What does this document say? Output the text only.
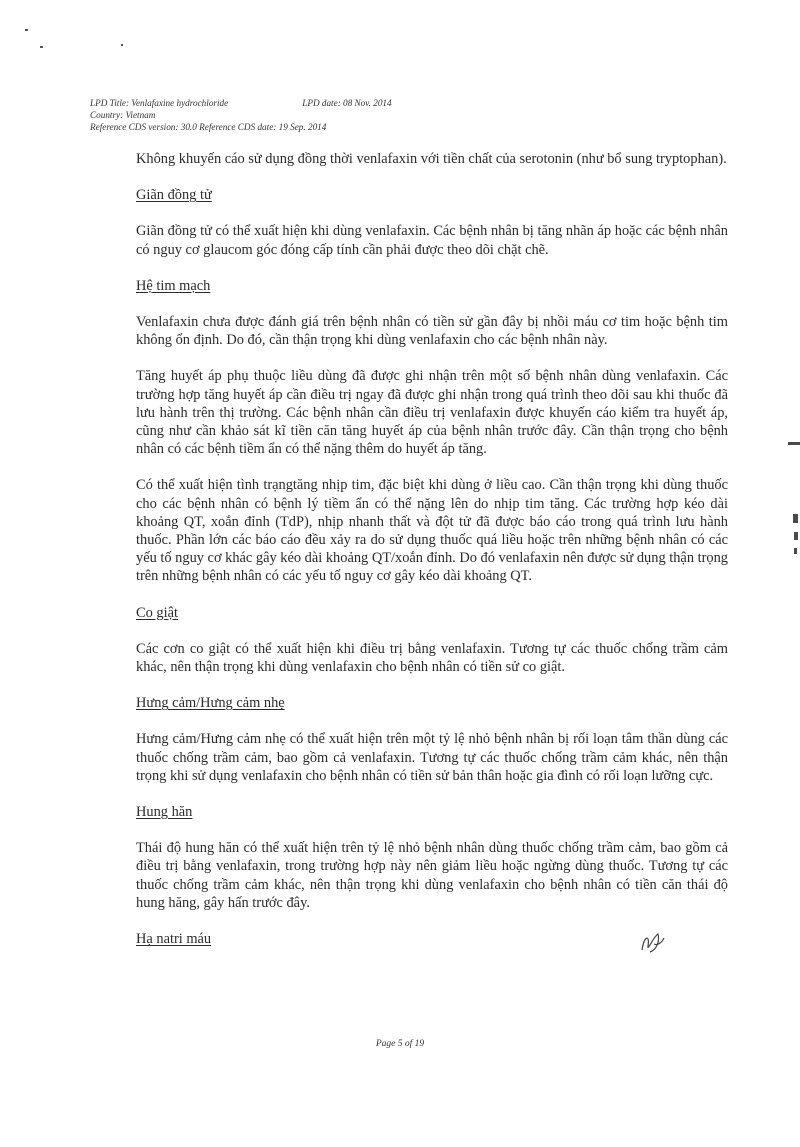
LPD Title: Venlafaxine hydrochloride	LPD date: 08 Nov. 2014
Country: Vietnam
Reference CDS version: 30.0 Reference CDS date: 19 Sep. 2014

Không khuyến cáo sử dụng đồng thời venlafaxin với tiền chất của serotonin (như bổ sung tryptophan).

Giãn đồng tử

Giãn đồng tử có thể xuất hiện khi dùng venlafaxin. Các bệnh nhân bị tăng nhãn áp hoặc các bệnh nhân có nguy cơ glaucom góc đóng cấp tính cần phải được theo dõi chặt chẽ.

Hệ tim mạch

Venlafaxin chưa được đánh giá trên bệnh nhân có tiền sử gần đây bị nhồi máu cơ tim hoặc bệnh tim không ổn định. Do đó, cần thận trọng khi dùng venlafaxin cho các bệnh nhân này.

Tăng huyết áp phụ thuộc liều dùng đã được ghi nhận trên một số bệnh nhân dùng venlafaxin. Các trường hợp tăng huyết áp cần điều trị ngay đã được ghi nhận trong quá trình theo dõi sau khi thuốc đã lưu hành trên thị trường. Các bệnh nhân cần điều trị venlafaxin được khuyến cáo kiểm tra huyết áp, cũng như cần khảo sát kĩ tiền căn tăng huyết áp của bệnh nhân trước đây. Cần thận trọng cho bệnh nhân có các bệnh tiềm ẩn có thể nặng thêm do huyết áp tăng.

Có thể xuất hiện tình trạngtăng nhịp tim, đặc biệt khi dùng ở liều cao. Cần thận trọng khi dùng thuốc cho các bệnh nhân có bệnh lý tiềm ẩn có thể nặng lên do nhịp tim tăng. Các trường hợp kéo dài khoảng QT, xoắn đỉnh (TdP), nhịp nhanh thất và đột tử đã được báo cáo trong quá trình lưu hành thuốc. Phần lớn các báo cáo đều xảy ra do sử dụng thuốc quá liều hoặc trên những bệnh nhân có các yếu tố nguy cơ khác gây kéo dài khoảng QT/xoắn đỉnh. Do đó venlafaxin nên được sử dụng thận trọng trên những bệnh nhân có các yếu tố nguy cơ gây kéo dài khoảng QT.

Co giật

Các cơn co giật có thể xuất hiện khi điều trị bằng venlafaxin. Tương tự các thuốc chống trầm cảm khác, nên thận trọng khi dùng venlafaxin cho bệnh nhân có tiền sử co giật.

Hưng cảm/Hưng cảm nhẹ

Hưng cảm/Hưng cảm nhẹ có thể xuất hiện trên một tỷ lệ nhỏ bệnh nhân bị rối loạn tâm thần dùng các thuốc chống trầm cảm, bao gồm cả venlafaxin. Tương tự các thuốc chống trầm cảm khác, nên thận trọng khi sử dụng venlafaxin cho bệnh nhân có tiền sử bản thân hoặc gia đình có rối loạn lưỡng cực.

Hung hăn

Thái độ hung hăn có thể xuất hiện trên tỷ lệ nhỏ bệnh nhân dùng thuốc chống trầm cảm, bao gồm cả điều trị bằng venlafaxin, trong trường hợp này nên giảm liều hoặc ngừng dùng thuốc. Tương tự các thuốc chống trầm cảm khác, nên thận trọng khi dùng venlafaxin cho bệnh nhân có tiền căn thái độ hung hăng, gây hấn trước đây.

Hạ natri máu
Page 5 of 19
